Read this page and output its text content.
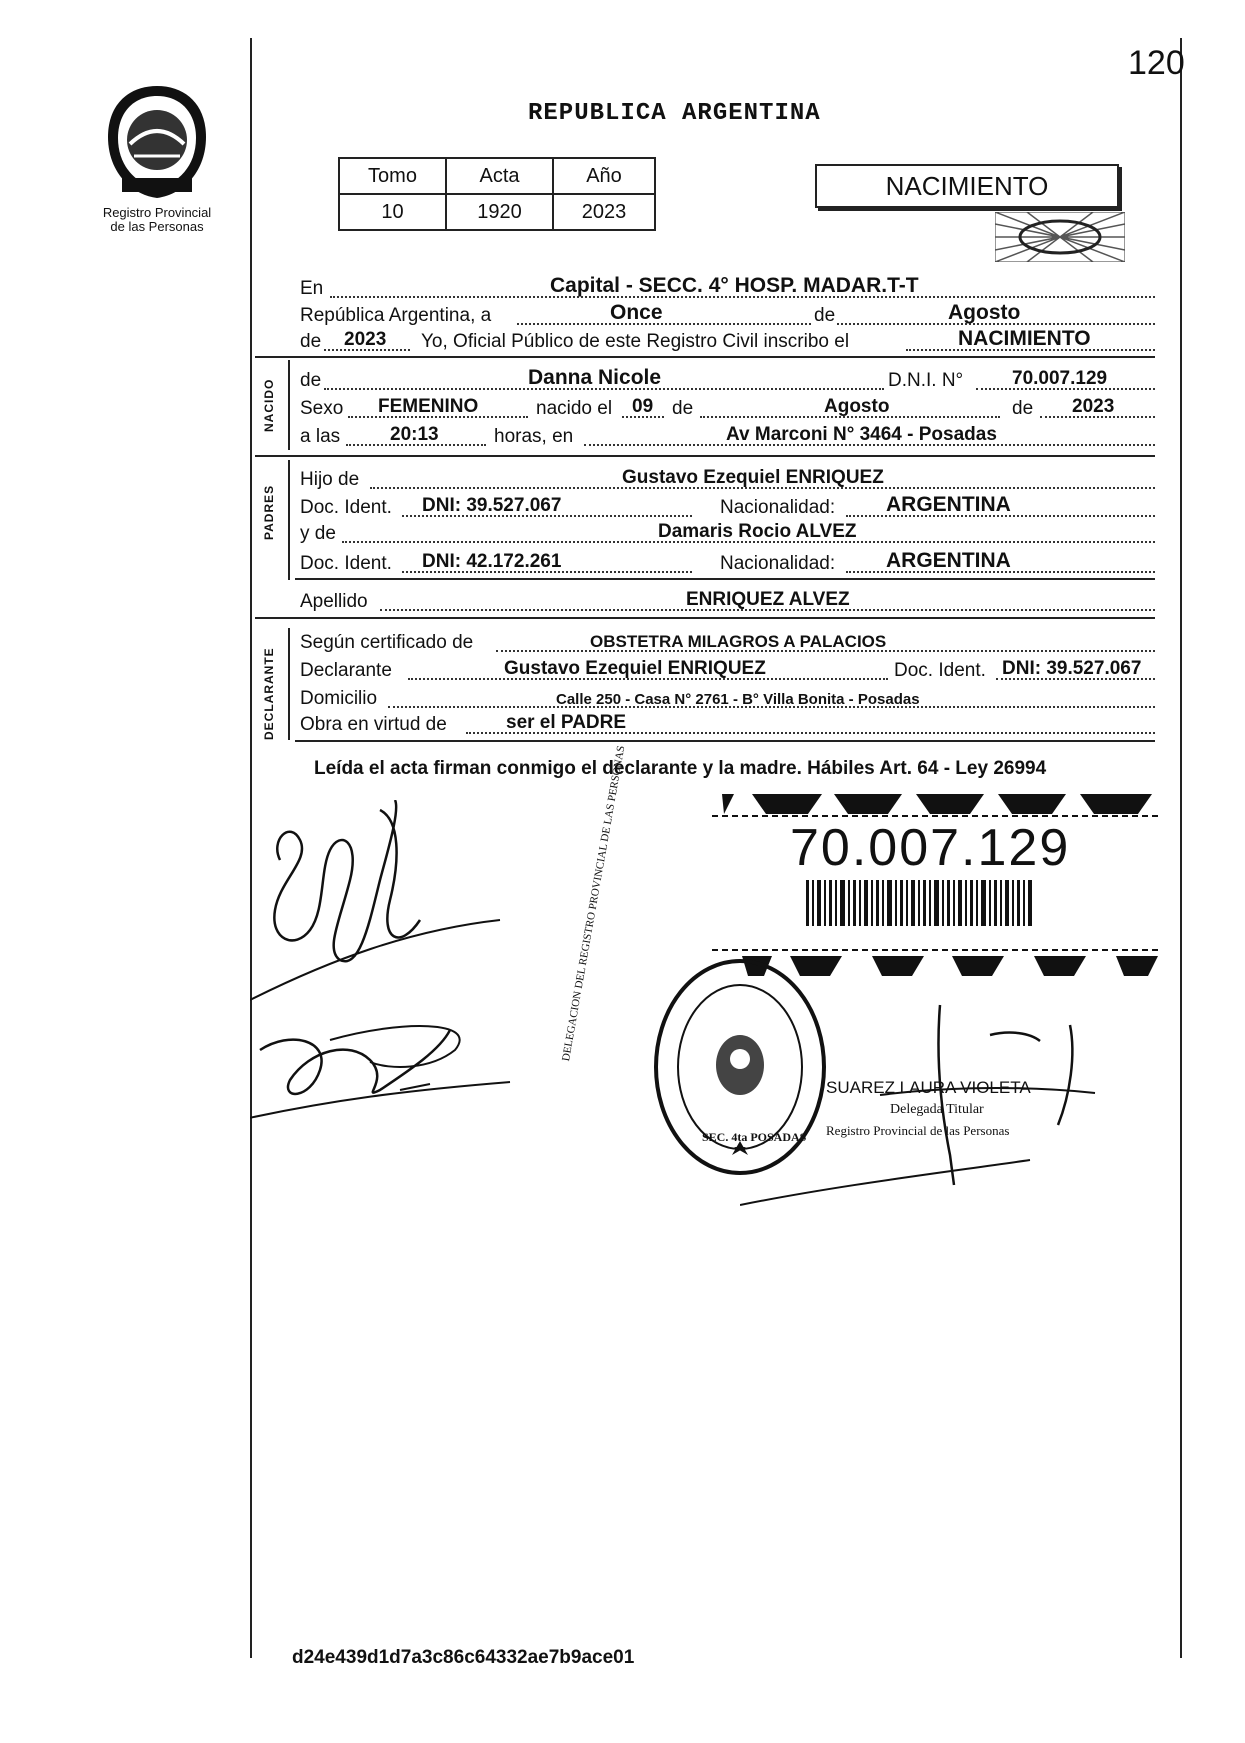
120
Registro Provincial
de las Personas
REPUBLICA ARGENTINA
Tomo	Acta	Año
10	1920	2023
NACIMIENTO
En	Capital - SECC. 4° HOSP. MADAR.T-T
República Argentina, a	Once	de	Agosto
de 2023 Yo, Oficial Público de este Registro Civil inscribo el	NACIMIENTO
NACIDO de	Danna Nicole	D.N.I. N°	70.007.129
Sexo FEMENINO	nacido el 09 de	Agosto	de 2023
a las	20:13	horas, en	Av Marconi N° 3464 - Posadas
PADRES
Hijo de	Gustavo Ezequiel ENRIQUEZ
Doc. Ident. DNI: 39.527.067	Nacionalidad: ARGENTINA
y de	Damaris Rocio ALVEZ
Doc. Ident. DNI: 42.172.261	Nacionalidad: ARGENTINA
Apellido	ENRIQUEZ ALVEZ
DECLARANTE
Según certificado de	OBSTETRA MILAGROS A PALACIOS
Declarante	Gustavo Ezequiel ENRIQUEZ	Doc. Ident. DNI: 39.527.067
Domicilio	Calle 250 - Casa N° 2761 - B° Villa Bonita - Posadas
Obra en virtud de	ser el PADRE
Leída el acta firman conmigo el declarante y la madre. Hábiles Art. 64 - Ley 26994
70.007.129
DELEGACION DEL REGISTRO PROVINCIAL DE LAS PERSONAS
SEC. 4ta POSADAS
SUAREZ LAURA VIOLETA
Delegada Titular
Registro Provincial de las Personas
d24e439d1d7a3c86c64332ae7b9ace01
